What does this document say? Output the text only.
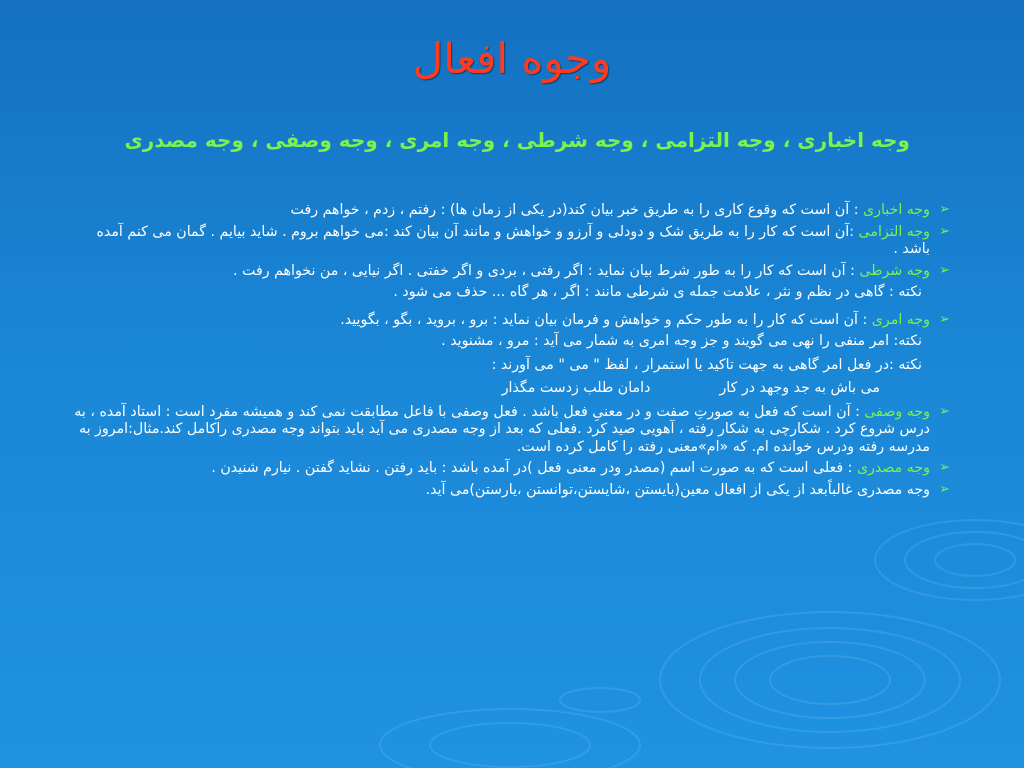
وجوه افعال
وجه اخباری ، وجه التزامی ، وجه شرطی ، وجه امری ، وجه وصفی ، وجه مصدری
➢
وجه اخباری : آن است که وقوع کاری را به طریق خبر بیان کند(در یکی از زمان ها) : رفتم ، زدم ، خواهم رفت
➢
وجه التزامی :آن است که کار را به طریق شک و دودلی و آرزو و خواهش و مانند آن بیان کند :می خواهم بروم . شاید بیایم . گمان می کنم آمده باشد .
➢
وجه شرطی : آن است که کار را به طور شرط بیان نماید : اگر رفتی ، بردی و اگر خفتی . اگر نیایی ، من نخواهم رفت .
نکته : گاهی در نظم و نثر ، علامت جمله ی شرطی مانند : اگر ، هر گاه ... حذف می شود .
➢
وجه امری : آن است که کار را به طور حکم و خواهش و فرمان بیان نماید : برو ، بروید ، بگو ، بگویید.
نکته: امر منفی را نهی می گویند و جز وجه امری به شمار می آید : مرو ، مشنوید .
نکته :در فعل امر گاهی به جهت تاکید یا استمرار ، لفظ " می " می آورند :
می باش به جد وجهد در کار  دامان طلب زدست مگذار
➢
وجه وصفی : آن است که فعل به صورتِ صفت و در معنیِ فعل باشد . فعل وصفی با فاعل مطابقت نمی کند و همیشه مفرد است : استاد آمده ، به درس شروع کرد . شکارچی به شکار رفته ، آهویی صید کرد .فعلی که بعد از وجه مصدری می آید باید بتواند وجه مصدری راکامل کند.مثال:امروز به مدرسه رفته ودرس خوانده ام. که «ام»معنی رفته را کامل کرده است.
➢
وجه مصدری : فعلی است که به صورت اسم (مصدر ودر معنی فعل )در آمده باشد : باید رفتن . نشاید گفتن . نیارم شنیدن .
➢
وجه مصدری غالباًبعد از یکی از افعال معین(بایستن ،شایستن،توانستن ،یارستن)می آید.
